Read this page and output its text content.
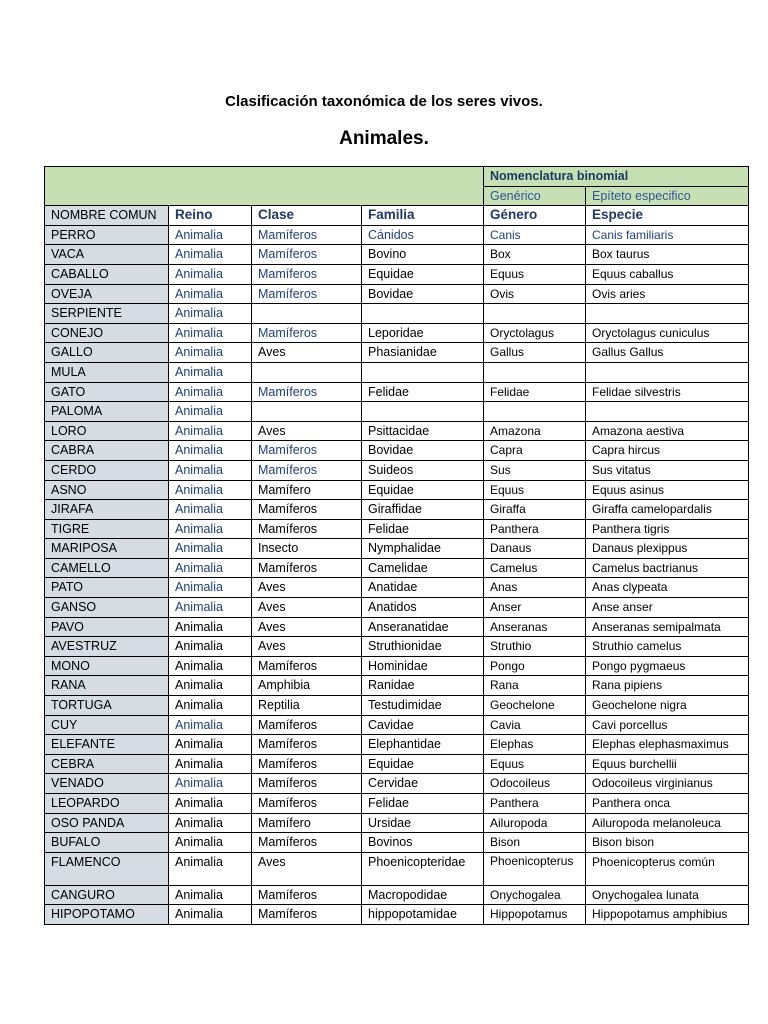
Clasificación taxonómica de los seres vivos.
Animales.
				Nomenclatura binomial	
				Genérico	Epíteto especifico
NOMBRE COMUN	Reino	Clase	Familia	Género	Especie
PERRO	Animalia	Mamíferos	Cánidos	Canis	Canis familiaris
VACA	Animalia	Mamíferos	Bovino	Box	Box taurus
CABALLO	Animalia	Mamíferos	Equidae	Equus	Equus caballus
OVEJA	Animalia	Mamíferos	Bovidae	Ovis	Ovis aries
SERPIENTE	Animalia				
CONEJO	Animalia	Mamíferos	Leporidae	Oryctolagus	Oryctolagus cuniculus
GALLO	Animalia	Aves	Phasianidae	Gallus	Gallus Gallus
MULA	Animalia				
GATO	Animalia	Mamíferos	Felidae	Felidae	Felidae silvestris
PALOMA	Animalia				
LORO	Animalia	Aves	Psittacidae	Amazona	Amazona aestiva
CABRA	Animalia	Mamíferos	Bovidae	Capra	Capra hircus
CERDO	Animalia	Mamíferos	Suideos	Sus	Sus vitatus
ASNO	Animalia	Mamífero	Equidae	Equus	Equus asinus
JIRAFA	Animalia	Mamíferos	Giraffidae	Giraffa	Giraffa camelopardalis
TIGRE	Animalia	Mamíferos	Felidae	Panthera	Panthera tigris
MARIPOSA	Animalia	Insecto	Nymphalidae	Danaus	Danaus plexippus
CAMELLO	Animalia	Mamíferos	Camelidae	Camelus	Camelus bactrianus
PATO	Animalia	Aves	Anatidae	Anas	Anas clypeata
GANSO	Animalia	Aves	Anatidos	Anser	Anse anser
PAVO	Animalia	Aves	Anseranatidae	Anseranas	Anseranas semipalmata
AVESTRUZ	Animalia	Aves	Struthionidae	Struthio	Struthio camelus
MONO	Animalia	Mamíferos	Hominidae	Pongo	Pongo pygmaeus
RANA	Animalia	Amphibia	Ranidae	Rana	Rana pipiens
TORTUGA	Animalia	Reptilia	Testudimidae	Geochelone	Geochelone nigra
CUY	Animalia	Mamíferos	Cavidae	Cavia	Cavi porcellus
ELEFANTE	Animalia	Mamíferos	Elephantidae	Elephas	Elephas elephasmaximus
CEBRA	Animalia	Mamíferos	Equidae	Equus	Equus burchellii
VENADO	Animalia	Mamíferos	Cervidae	Odocoileus	Odocoileus virginianus
LEOPARDO	Animalia	Mamíferos	Felidae	Panthera	Panthera onca
OSO PANDA	Animalia	Mamífero	Ursidae	Ailuropoda	Ailuropoda melanoleuca
BUFALO	Animalia	Mamíferos	Bovinos	Bison	Bison bison
FLAMENCO	Animalia	Aves	Phoenicopteridae	Phoenicopterus	Phoenicopterus común
CANGURO	Animalia	Mamíferos	Macropodidae	Onychogalea	Onychogalea lunata
HIPOPOTAMO	Animalia	Mamíferos	hippopotamidae	Hippopotamus	Hippopotamus amphibius
